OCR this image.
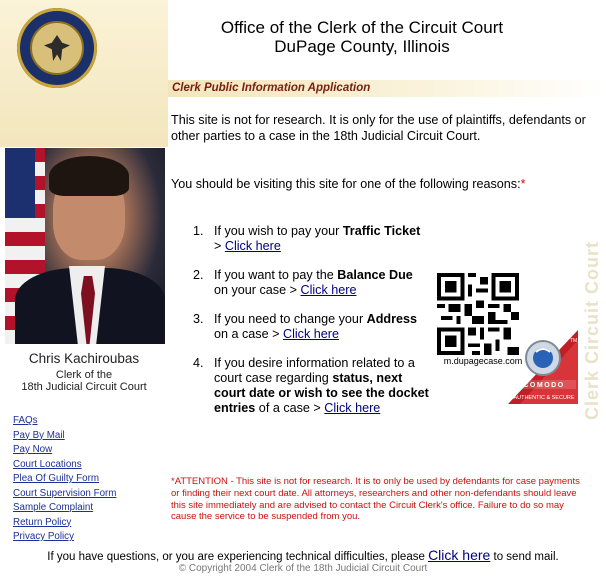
Chris Kachiroubas
Clerk of the
18th Judicial Circuit Court
FAQs
Pay By Mail
Pay Now
Court Locations
Plea Of Guilty Form
Court Supervision Form
Sample Complaint
Return Policy
Privacy Policy
Office of the Clerk of the Circuit Court
DuPage County, Illinois
Clerk Public Information Application
This site is not for research. It is only for the use of plaintiffs, defendants or other parties to a case in the 18th Judicial Circuit Court.
You should be visiting this site for one of the following reasons:*
1. If you wish to pay your Traffic Ticket > Click here
2. If you want to pay the Balance Due on your case > Click here
3. If you need to change your Address on a case > Click here
4. If you desire information related to a court case regarding status, next court date or wish to see the docket entries of a case > Click here
m.dupagecase.com
TM
COMODO
AUTHENTIC & SECURE Clerk Circuit Court
*ATTENTION - This site is not for research. It is to only be used by defendants for case payments or finding their next court date. All attorneys, researchers and other non-defendants should leave this site immediately and are advised to contact the Circuit Clerk's office. Failure to do so may cause the service to be suspended from you.
If you have questions, or you are experiencing technical difficulties, please Click here to send mail.
© Copyright 2004 Clerk of the 18th Judicial Circuit Court
